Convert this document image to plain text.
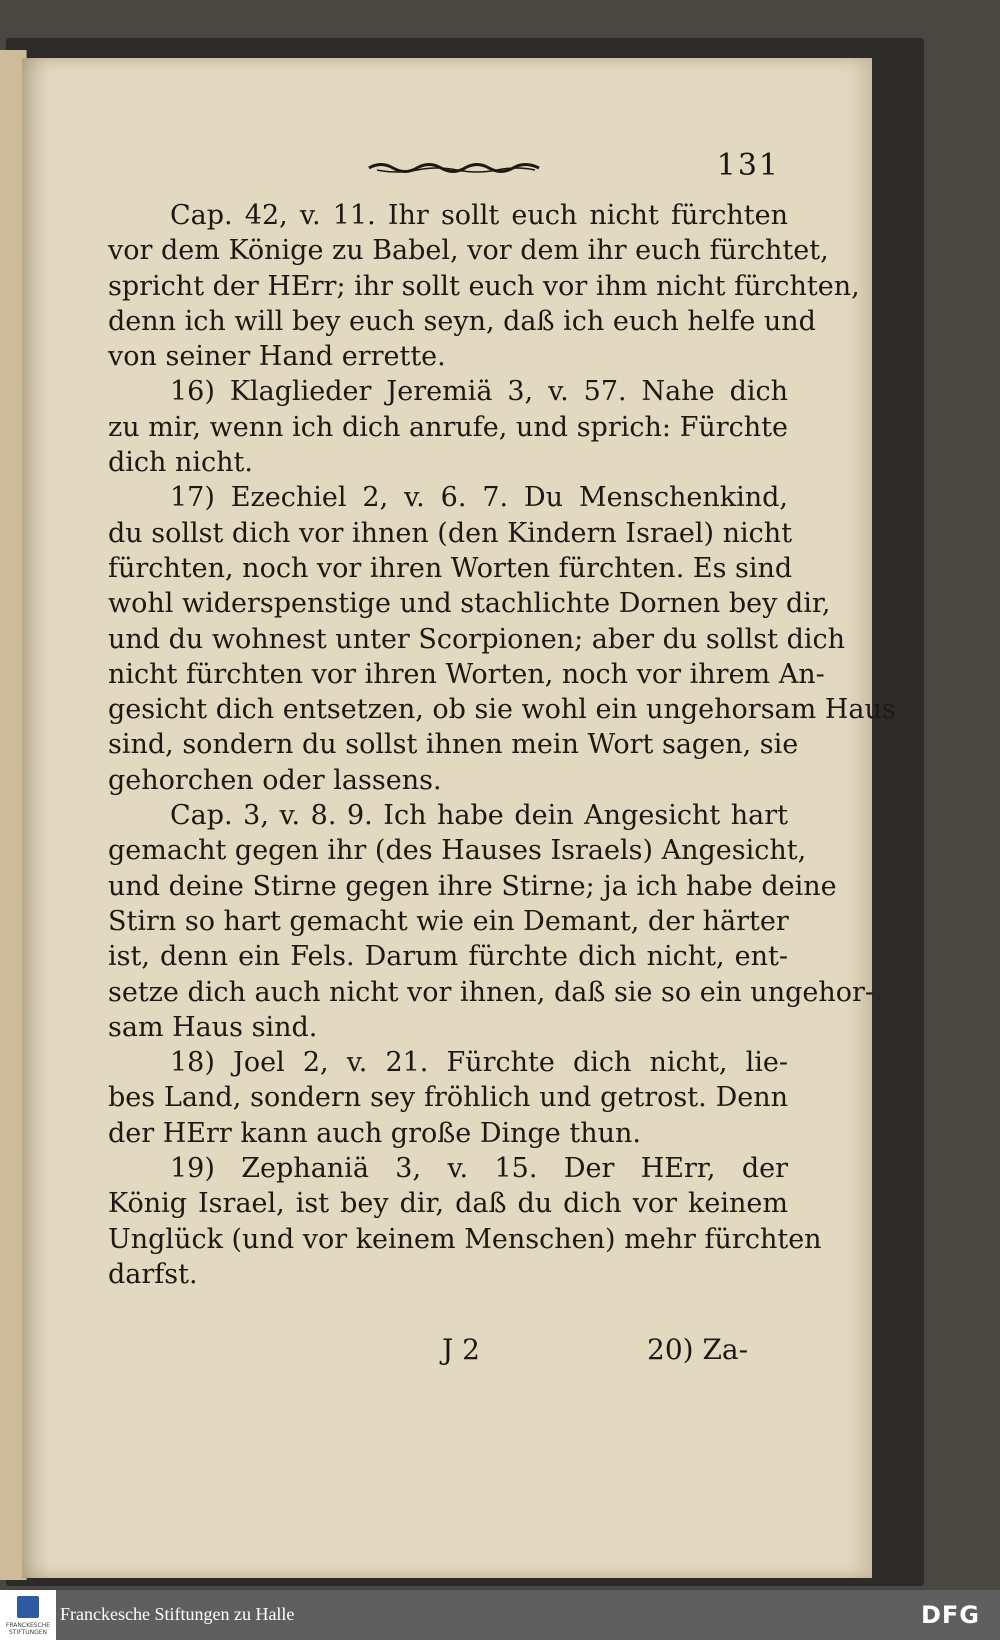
131
Cap. 42, v. 11. Ihr sollt euch nicht fürchten
vor dem Könige zu Babel, vor dem ihr euch fürchtet,
spricht der HErr; ihr sollt euch vor ihm nicht fürchten,
denn ich will bey euch seyn, daß ich euch helfe und
von seiner Hand errette.
16) Klaglieder Jeremiä 3, v. 57. Nahe dich
zu mir, wenn ich dich anrufe, und sprich: Fürchte
dich nicht.
17) Ezechiel 2, v. 6. 7. Du Menschenkind,
du sollst dich vor ihnen (den Kindern Israel) nicht
fürchten, noch vor ihren Worten fürchten. Es sind
wohl widerspenstige und stachlichte Dornen bey dir,
und du wohnest unter Scorpionen; aber du sollst dich
nicht fürchten vor ihren Worten, noch vor ihrem An-
gesicht dich entsetzen, ob sie wohl ein ungehorsam Haus
sind, sondern du sollst ihnen mein Wort sagen, sie
gehorchen oder lassens.
Cap. 3, v. 8. 9. Ich habe dein Angesicht hart
gemacht gegen ihr (des Hauses Israels) Angesicht,
und deine Stirne gegen ihre Stirne; ja ich habe deine
Stirn so hart gemacht wie ein Demant, der härter
ist, denn ein Fels. Darum fürchte dich nicht, ent-
setze dich auch nicht vor ihnen, daß sie so ein ungehor-
sam Haus sind.
18) Joel 2, v. 21. Fürchte dich nicht, lie-
bes Land, sondern sey fröhlich und getrost. Denn
der HErr kann auch große Dinge thun.
19) Zephaniä 3, v. 15. Der HErr, der
König Israel, ist bey dir, daß du dich vor keinem
Unglück (und vor keinem Menschen) mehr fürchten
darfst.
J 2	20) Za-
FRANCKESCHE STIFTUNGEN
Franckesche Stiftungen zu Halle	DFG
